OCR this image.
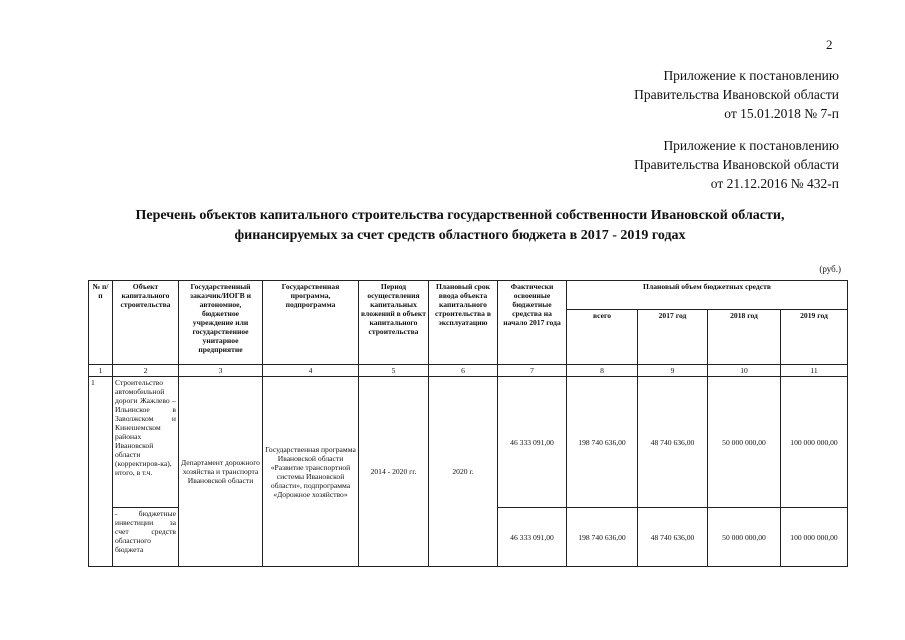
2
Приложение к постановлению
Правительства Ивановской области
от 15.01.2018 № 7-п
Приложение к постановлению
Правительства Ивановской области
от 21.12.2016 № 432-п
Перечень объектов капитального строительства государственной собственности Ивановской области,
финансируемых за счет средств областного бюджета в 2017 - 2019 годах
(руб.)
№ п/п	Объект капитального строительства	Государственный заказчик/ИОГВ и автономное, бюджетное учреждение или государственное унитарное предприятие	Государственная программа, подпрограмма	Период осуществления капитальных вложений в объект капитального строительства	Плановый срок ввода объекта капитального строительства в эксплуатацию	Фактически освоенные бюджетные средства на начало 2017 года	Плановый объем бюджетных средств			
							всего	2017 год	2018 год	2019 год
1	2	3	4	5	6	7	8	9	10	11
1	Строительство автомобильной дороги Жажлево – Ильинское в Заволжском и Кинешемском районах Ивановской области (корректиров-ка), итого, в т.ч.	Департамент дорожного хозяйства и транспорта Ивановской области	Государственная программа Ивановской области «Развитие транспортной системы Ивановской области», подпрограмма «Дорожное хозяйство»	2014 - 2020 гг.	2020 г.	46 333 091,00	198 740 636,00	48 740 636,00	50 000 000,00	100 000 000,00
	- бюджетные инвестиции за счет средств областного бюджета					46 333 091,00	198 740 636,00	48 740 636,00	50 000 000,00	100 000 000,00
